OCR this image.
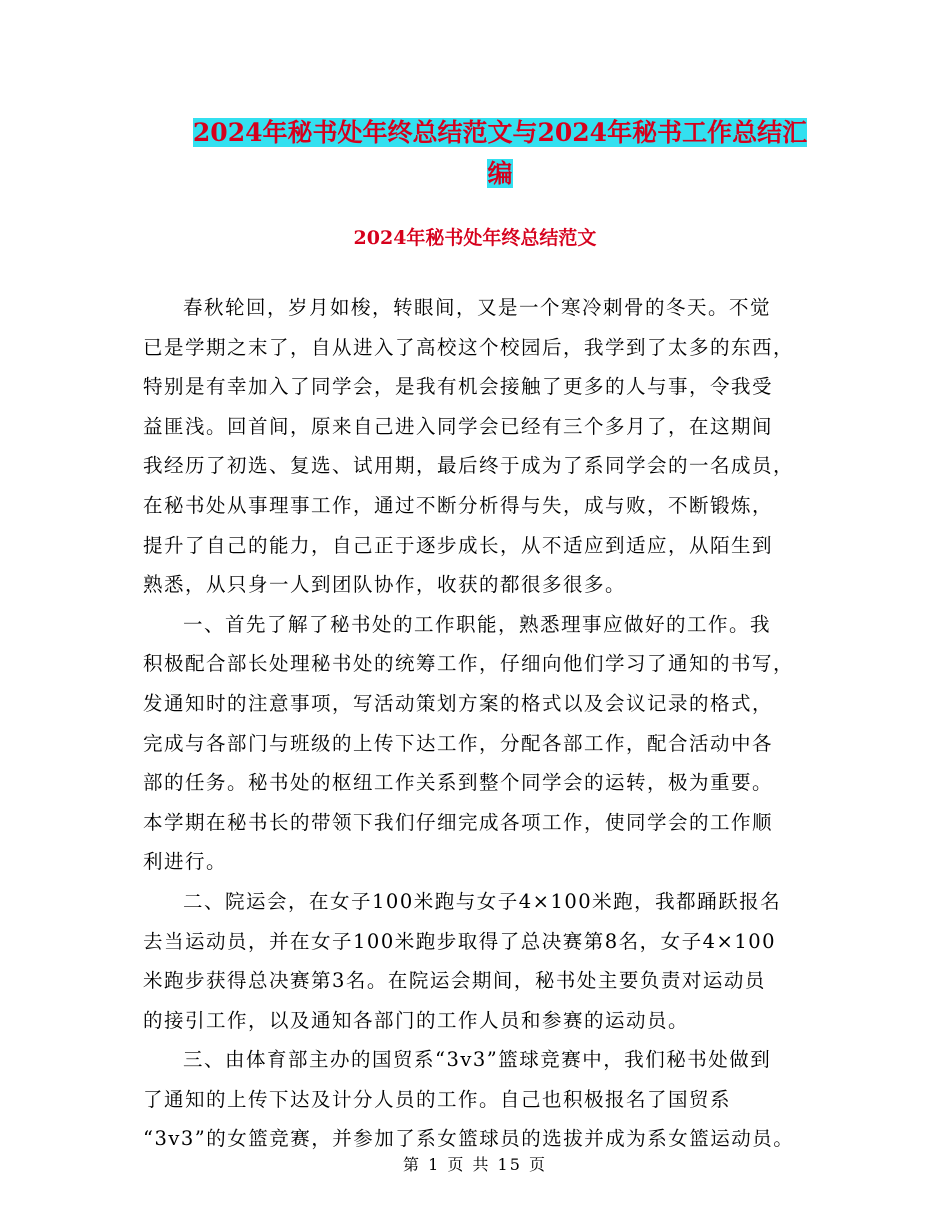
2024年秘书处年终总结范文与2024年秘书工作总结汇
编
2024年秘书处年终总结范文

春秋轮回，岁月如梭，转眼间，又是一个寒冷刺骨的冬天。不觉
已是学期之末了，自从进入了高校这个校园后，我学到了太多的东西，
特别是有幸加入了同学会，是我有机会接触了更多的人与事，令我受
益匪浅。回首间，原来自己进入同学会已经有三个多月了，在这期间
我经历了初选、复选、试用期，最后终于成为了系同学会的一名成员，
在秘书处从事理事工作，通过不断分析得与失，成与败，不断锻炼，
提升了自己的能力，自己正于逐步成长，从不适应到适应，从陌生到
熟悉，从只身一人到团队协作，收获的都很多很多。

一、首先了解了秘书处的工作职能，熟悉理事应做好的工作。我
积极配合部长处理秘书处的统筹工作，仔细向他们学习了通知的书写，
发通知时的注意事项，写活动策划方案的格式以及会议记录的格式，
完成与各部门与班级的上传下达工作，分配各部工作，配合活动中各
部的任务。秘书处的枢纽工作关系到整个同学会的运转，极为重要。
本学期在秘书长的带领下我们仔细完成各项工作，使同学会的工作顺
利进行。

二、院运会，在女子100米跑与女子4×100米跑，我都踊跃报名
去当运动员，并在女子100米跑步取得了总决赛第8名，女子4×100
米跑步获得总决赛第3名。在院运会期间，秘书处主要负责对运动员
的接引工作，以及通知各部门的工作人员和参赛的运动员。

三、由体育部主办的国贸系“3v3”篮球竞赛中，我们秘书处做到
了通知的上传下达及计分人员的工作。自己也积极报名了国贸系
“3v3”的女篮竞赛，并参加了系女篮球员的选拔并成为系女篮运动员。

第 1 页 共 15 页
